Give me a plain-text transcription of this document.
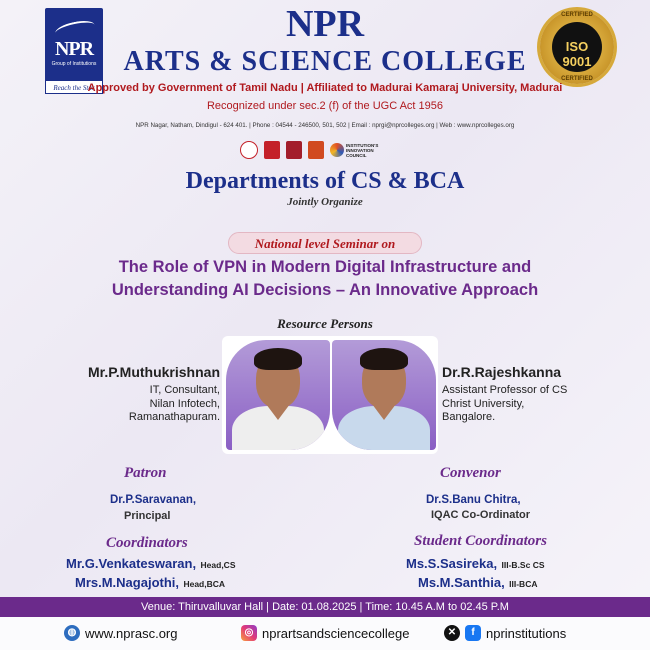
NPR
Group of Institutions
Reach the Star
CERTIFIED
ISO 9001
CERTIFIED
NPR
ARTS & SCIENCE COLLEGE
Approved by Government of Tamil Nadu | Affiliated to Madurai Kamaraj University, Madurai
Recognized under sec.2 (f) of the UGC Act 1956
NPR Nagar, Natham, Dindigul - 624 401. | Phone : 04544 - 246500, 501, 502 | Email : nprgi@nprcolleges.org | Web : www.nprcolleges.org
INSTITUTION'S INNOVATION COUNCIL
Departments of CS & BCA
Jointly Organize
National level Seminar on
The Role of VPN in Modern Digital Infrastructure and
Understanding AI Decisions – An Innovative Approach
Resource Persons
Mr.P.Muthukrishnan
IT, Consultant,
Nilan Infotech,
Ramanathapuram.
Dr.R.Rajeshkanna
Assistant Professor of CS
Christ University,
Bangalore.
Patron
Dr.P.Saravanan,
Principal
Convenor
Dr.S.Banu Chitra,
IQAC Co-Ordinator
Coordinators
Mr.G.Venkateswaran, Head,CS
Mrs.M.Nagajothi, Head,BCA
Student Coordinators
Ms.S.Sasireka, III-B.Sc CS
Ms.M.Santhia, III-BCA
Venue: Thiruvalluvar Hall | Date: 01.08.2025 | Time: 10.45 A.M to 02.45 P.M
◍ www.nprasc.org	◎ nprartsandsciencecollege	✕	f nprinstitutions
